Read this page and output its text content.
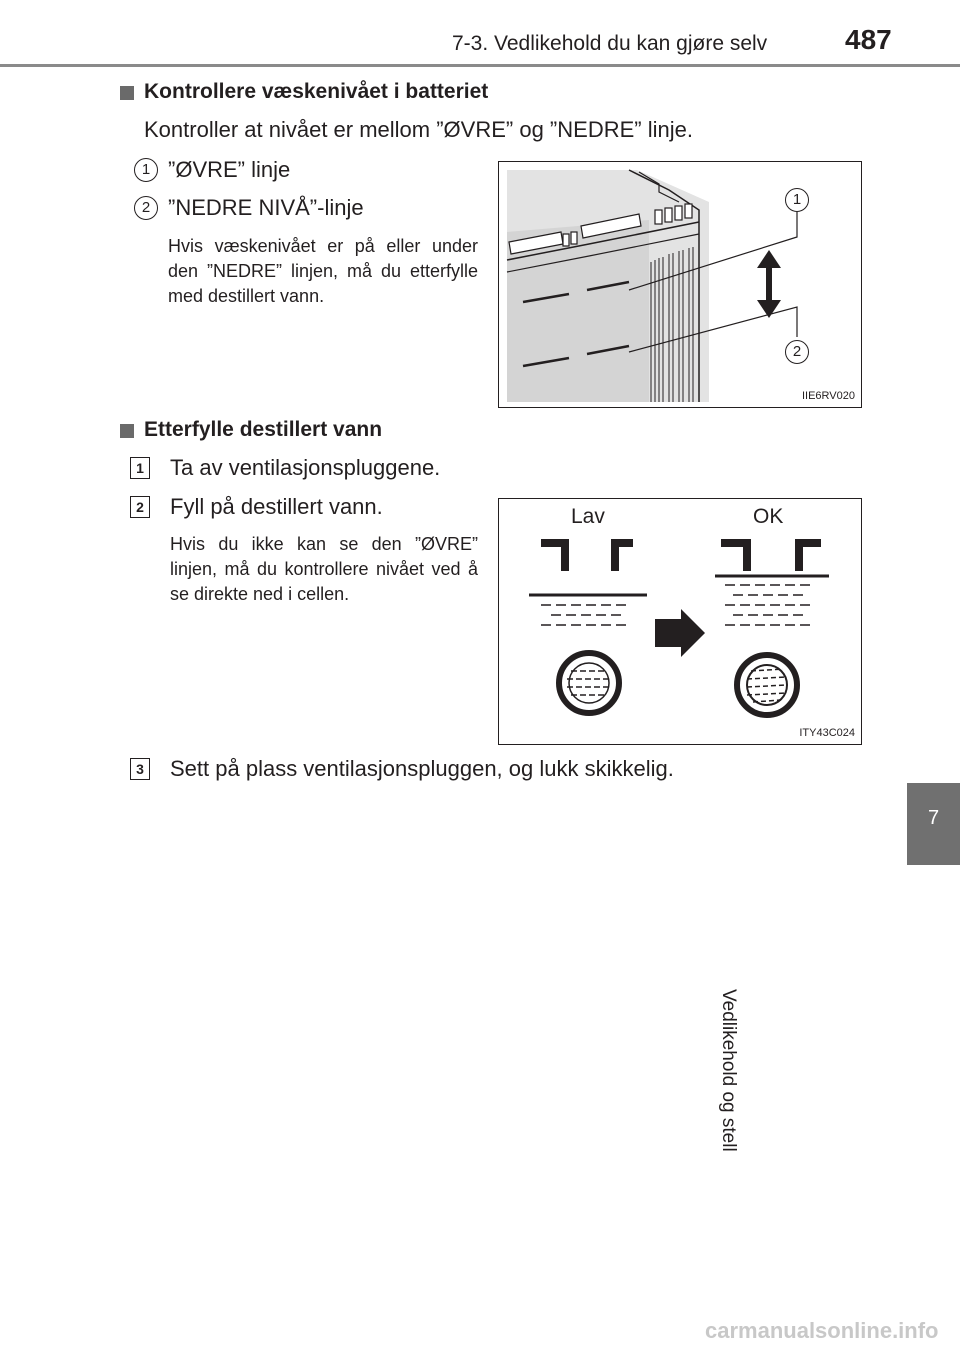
7-3. Vedlikehold du kan gjøre selv	487
7
Vedlikehold og stell
Kontrollere væskenivået i batteriet
Kontroller at nivået er mellom ”ØVRE” og ”NEDRE” linje.
1 ”ØVRE” linje
2 ”NEDRE NIVÅ”-linje
Hvis væskenivået er på eller under den ”NEDRE” linjen, må du etterfylle med destillert vann.
1
2
IIE6RV020
Etterfylle destillert vann
1 Ta av ventilasjonspluggene.
2 Fyll på destillert vann.
Hvis du ikke kan se den ”ØVRE” linjen, må du kontrollere nivået ved å se direkte ned i cellen.
Lav	OK
ITY43C024
3 Sett på plass ventilasjonspluggen, og lukk skikkelig.
carmanualsonline.info
